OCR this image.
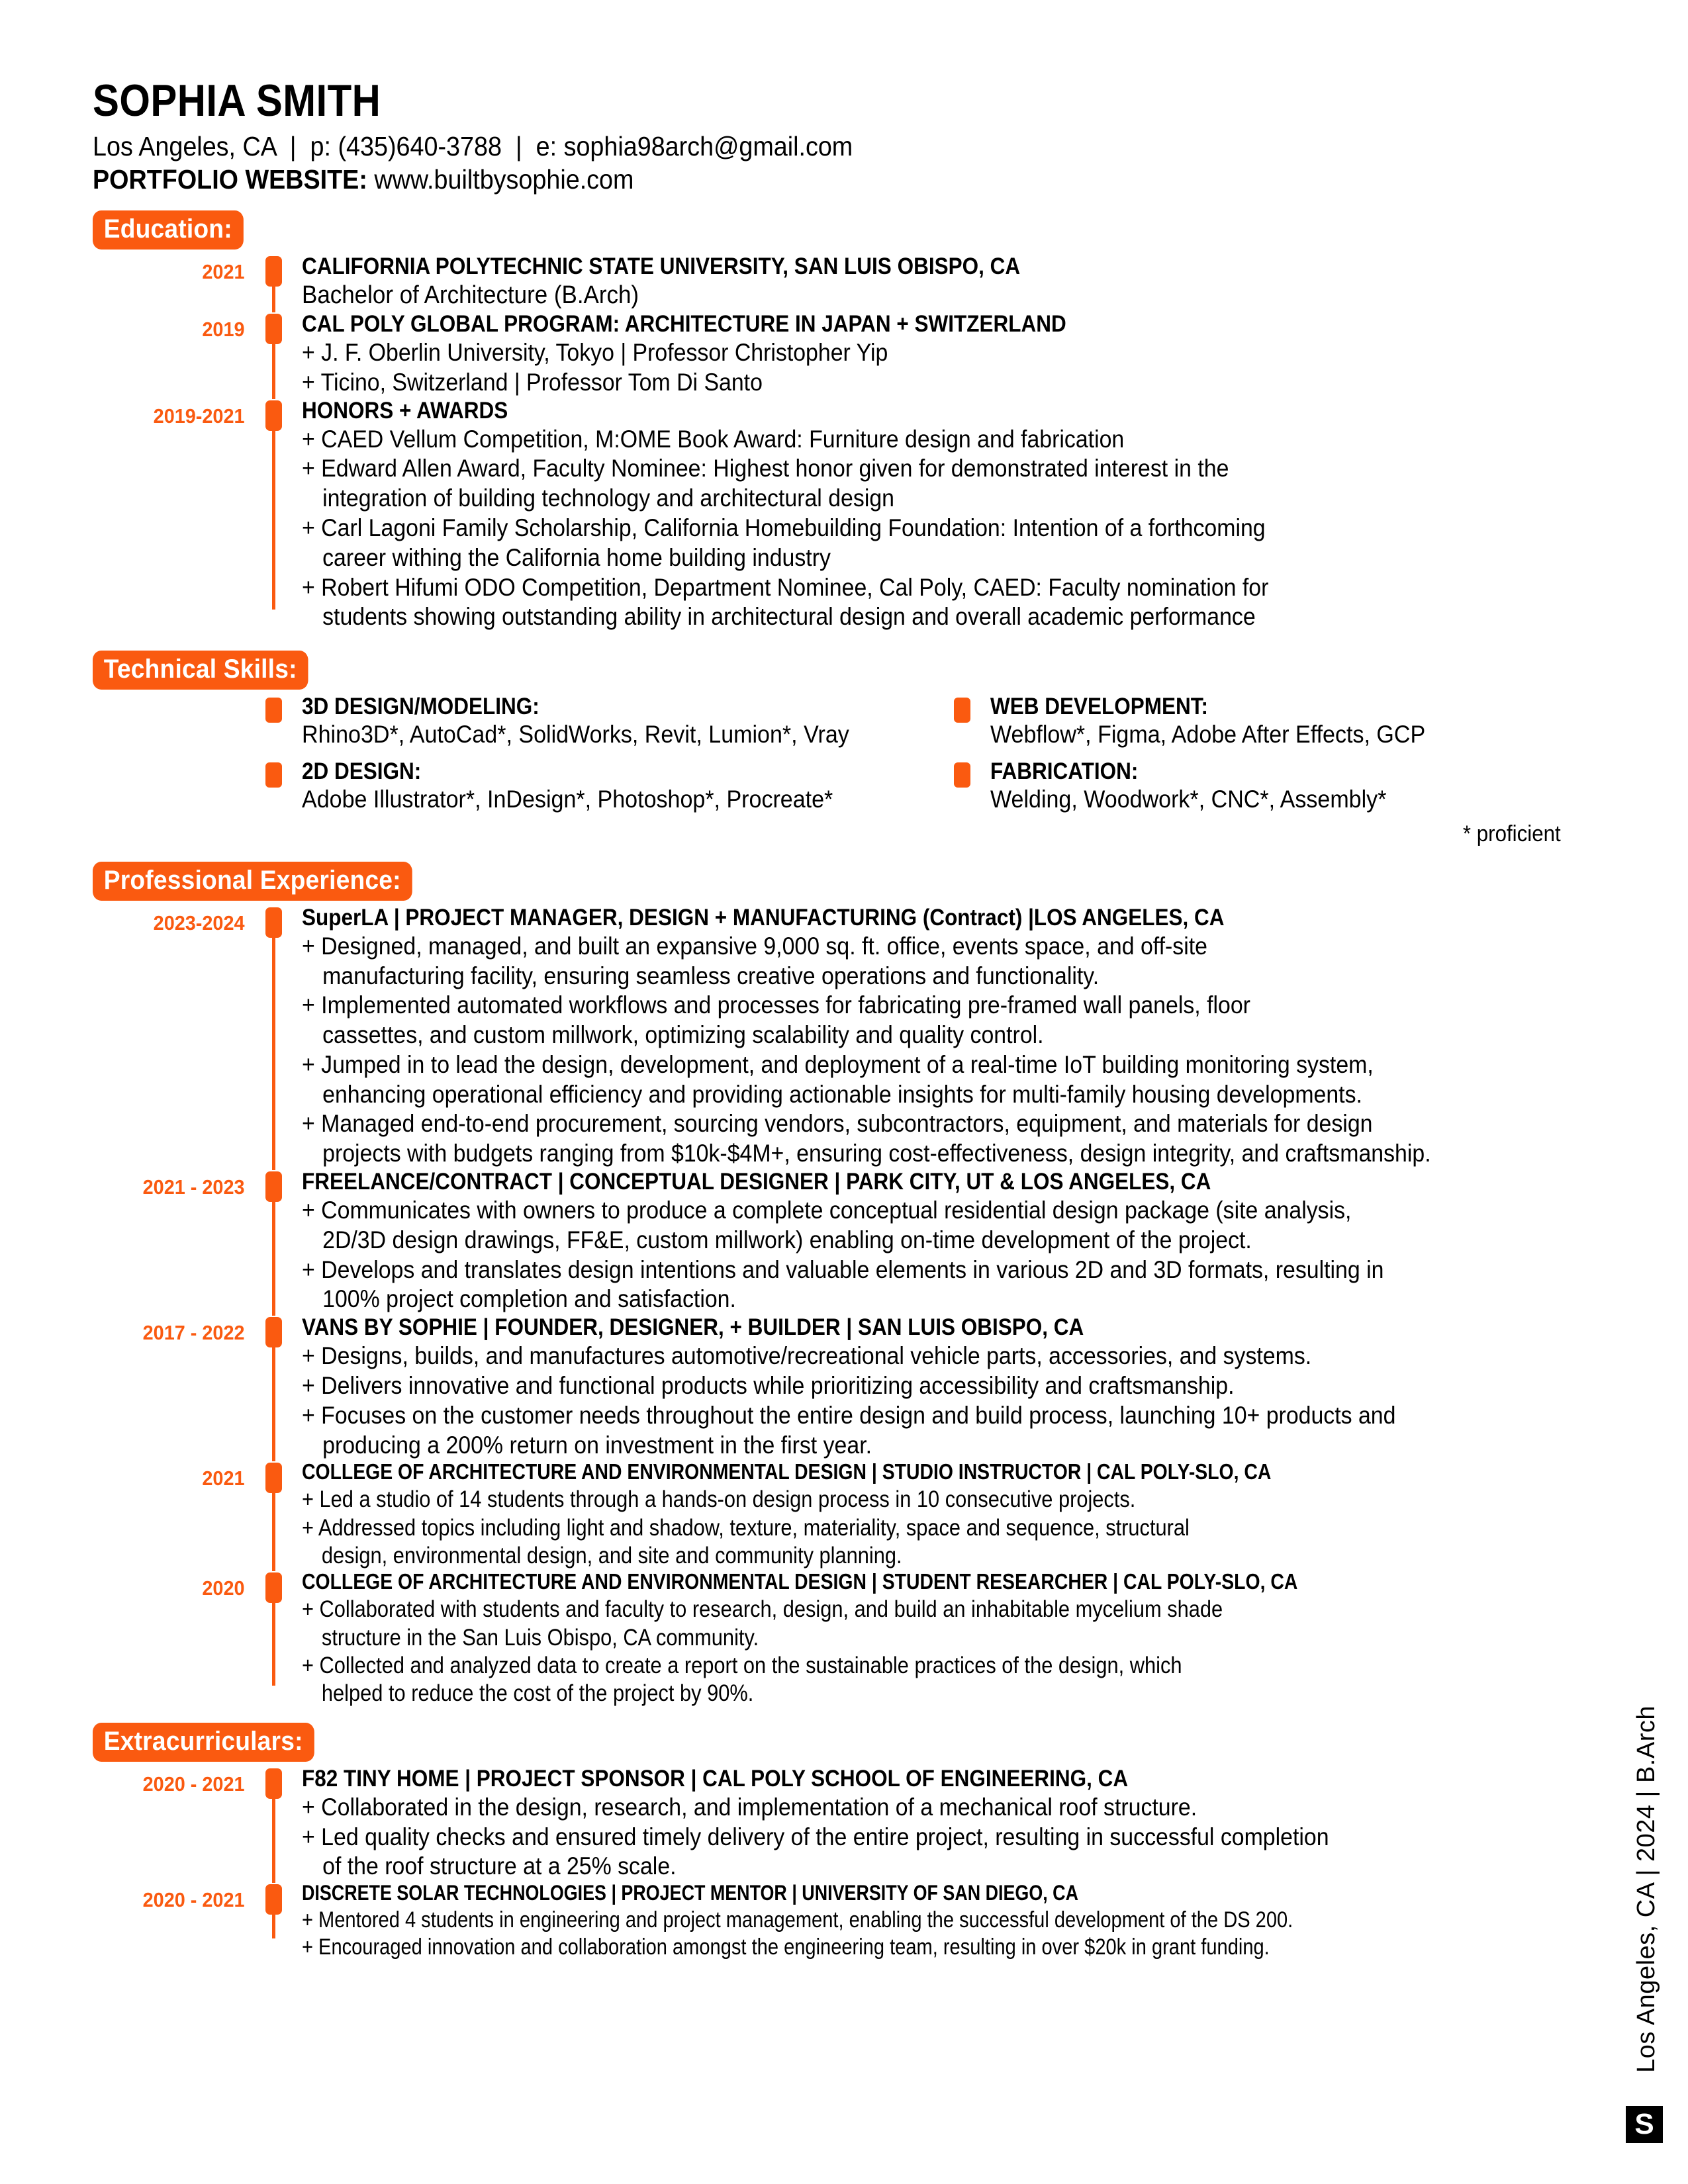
SOPHIA SMITH
Los Angeles, CA  |  p: (435)640-3788  |  e: sophia98arch@gmail.com
PORTFOLIO WEBSITE: www.builtbysophie.com
Education:
2021	CALIFORNIA POLYTECHNIC STATE UNIVERSITY, SAN LUIS OBISPO, CA
Bachelor of Architecture (B.Arch)
2019	CAL POLY GLOBAL PROGRAM: ARCHITECTURE IN JAPAN + SWITZERLAND
+ J. F. Oberlin University, Tokyo | Professor Christopher Yip
+ Ticino, Switzerland | Professor Tom Di Santo
2019-2021	HONORS + AWARDS
+ CAED Vellum Competition, M:OME Book Award: Furniture design and fabrication
+ Edward Allen Award, Faculty Nominee: Highest honor given for demonstrated interest in the
integration of building technology and architectural design
+ Carl Lagoni Family Scholarship, California Homebuilding Foundation: Intention of a forthcoming
career withing the California home building industry
+ Robert Hifumi ODO Competition, Department Nominee, Cal Poly, CAED: Faculty nomination for
students showing outstanding ability in architectural design and overall academic performance
Technical Skills:
3D DESIGN/MODELING:
Rhino3D*, AutoCad*, SolidWorks, Revit, Lumion*, Vray
2D DESIGN:
Adobe Illustrator*, InDesign*, Photoshop*, Procreate*
WEB DEVELOPMENT:
Webflow*, Figma, Adobe After Effects, GCP
FABRICATION:
Welding, Woodwork*, CNC*, Assembly*
* proficient
Professional Experience:
2023-2024	SuperLA | PROJECT MANAGER, DESIGN + MANUFACTURING (Contract) |LOS ANGELES, CA
+ Designed, managed, and built an expansive 9,000 sq. ft. office, events space, and off-site
manufacturing facility, ensuring seamless creative operations and functionality.
+ Implemented automated workflows and processes for fabricating pre-framed wall panels, floor
cassettes, and custom millwork, optimizing scalability and quality control.
+ Jumped in to lead the design, development, and deployment of a real-time IoT building monitoring system,
enhancing operational efficiency and providing actionable insights for multi-family housing developments.
+ Managed end-to-end procurement, sourcing vendors, subcontractors, equipment, and materials for design
projects with budgets ranging from $10k-$4M+, ensuring cost-effectiveness, design integrity, and craftsmanship.
2021 - 2023	FREELANCE/CONTRACT | CONCEPTUAL DESIGNER | PARK CITY, UT & LOS ANGELES, CA
+ Communicates with owners to produce a complete conceptual residential design package (site analysis,
2D/3D design drawings, FF&E, custom millwork) enabling on-time development of the project.
+ Develops and translates design intentions and valuable elements in various 2D and 3D formats, resulting in
100% project completion and satisfaction.
2017 - 2022	VANS BY SOPHIE | FOUNDER, DESIGNER, + BUILDER | SAN LUIS OBISPO, CA
+ Designs, builds, and manufactures automotive/recreational vehicle parts, accessories, and systems.
+ Delivers innovative and functional products while prioritizing accessibility and craftsmanship.
+ Focuses on the customer needs throughout the entire design and build process, launching 10+ products and
producing a 200% return on investment in the first year.
2021	COLLEGE OF ARCHITECTURE AND ENVIRONMENTAL DESIGN | STUDIO INSTRUCTOR | CAL POLY-SLO, CA
+ Led a studio of 14 students through a hands-on design process in 10 consecutive projects.
+ Addressed topics including light and shadow, texture, materiality, space and sequence, structural
design, environmental design, and site and community planning.
2020	COLLEGE OF ARCHITECTURE AND ENVIRONMENTAL DESIGN | STUDENT RESEARCHER | CAL POLY-SLO, CA
+ Collaborated with students and faculty to research, design, and build an inhabitable mycelium shade
structure in the San Luis Obispo, CA community.
+ Collected and analyzed data to create a report on the sustainable practices of the design, which
helped to reduce the cost of the project by 90%.
Extracurriculars:
2020 - 2021	F82 TINY HOME | PROJECT SPONSOR | CAL POLY SCHOOL OF ENGINEERING, CA
+ Collaborated in the design, research, and implementation of a mechanical roof structure.
+ Led quality checks and ensured timely delivery of the entire project, resulting in successful completion
of the roof structure at a 25% scale.
2020 - 2021	DISCRETE SOLAR TECHNOLOGIES | PROJECT MENTOR | UNIVERSITY OF SAN DIEGO, CA
+ Mentored 4 students in engineering and project management, enabling the successful development of the DS 200.
+ Encouraged innovation and collaboration amongst the engineering team, resulting in over $20k in grant funding.	Los Angeles, CA | 2024 | B.Arch
S
